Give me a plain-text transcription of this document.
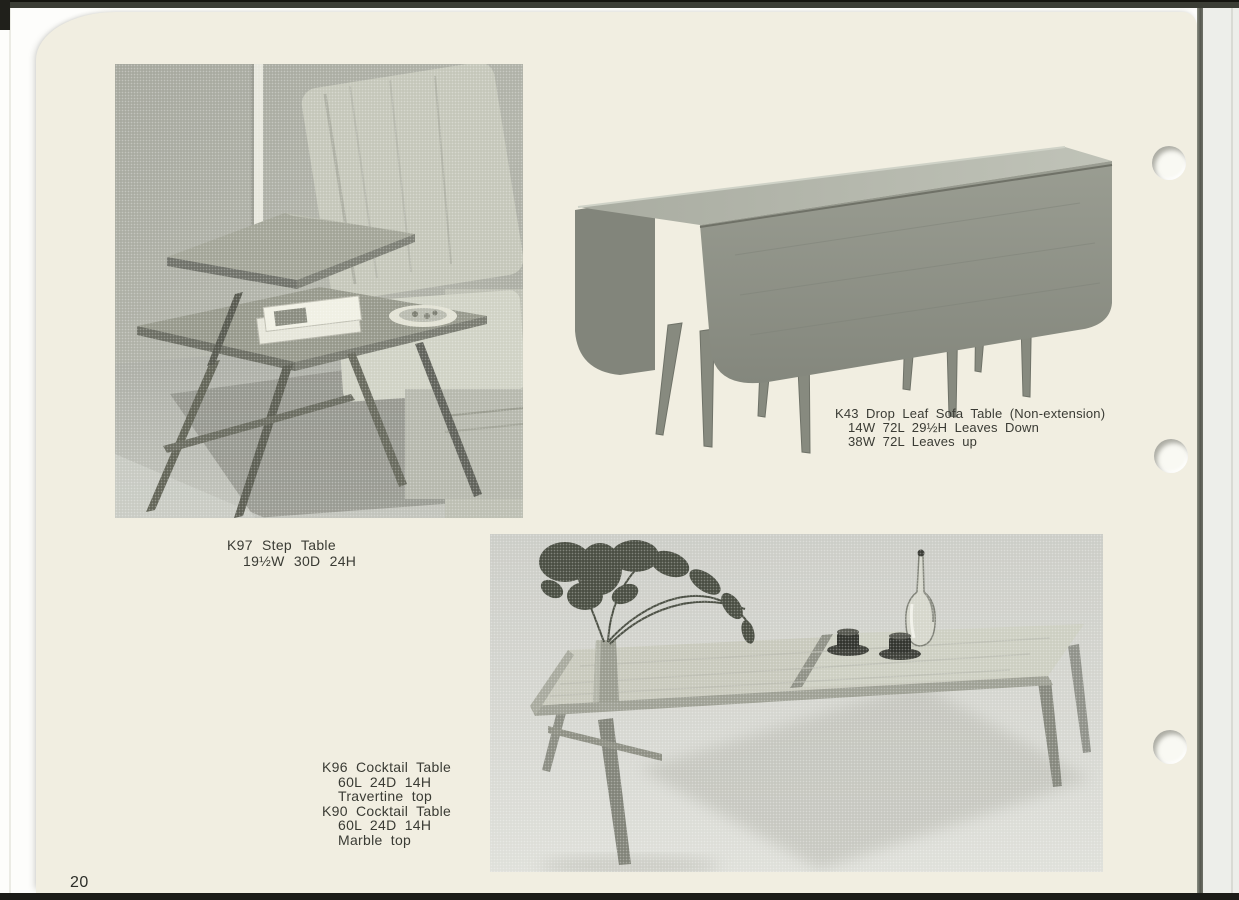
K97 Step Table
19½W 30D 24H
K43 Drop Leaf Sofa Table (Non-extension)
14W 72L 29½H Leaves Down
38W 72L Leaves up
K96 Cocktail Table
60L 24D 14H
Travertine top
K90 Cocktail Table
60L 24D 14H
Marble top
20
